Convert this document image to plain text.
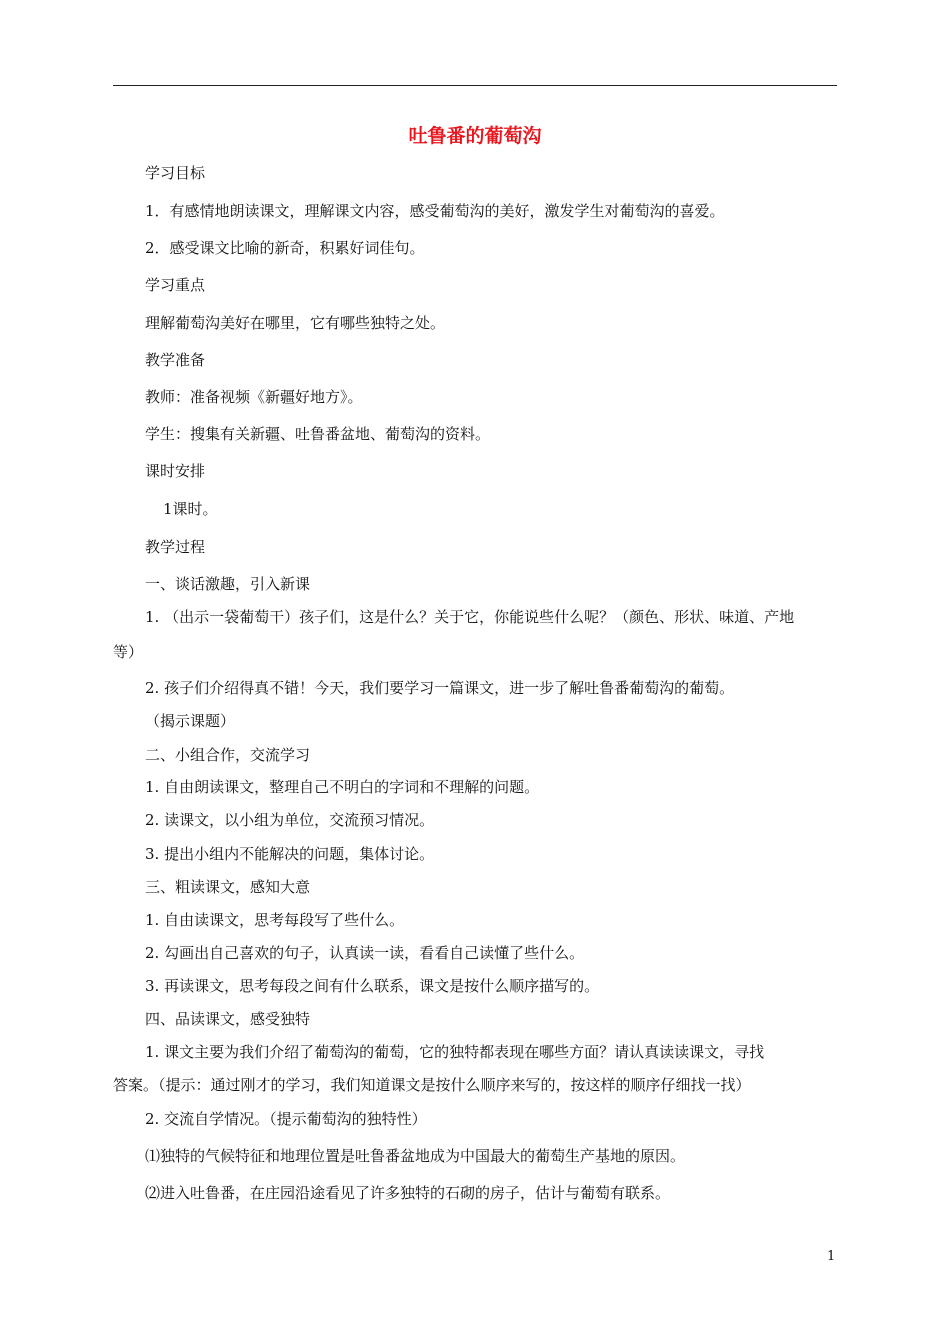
吐鲁番的葡萄沟
学习目标
1．有感情地朗读课文，理解课文内容，感受葡萄沟的美好，激发学生对葡萄沟的喜爱。
2．感受课文比喻的新奇，积累好词佳句。
学习重点
理解葡萄沟美好在哪里，它有哪些独特之处。
教学准备
教师：准备视频《新疆好地方》。
学生：搜集有关新疆、吐鲁番盆地、葡萄沟的资料。
课时安排
1课时。
教学过程
一、谈话激趣，引入新课
1. （出示一袋葡萄干）孩子们，这是什么？关于它，你能说些什么呢？（颜色、形状、味道、产地
等）
2. 孩子们介绍得真不错！今天，我们要学习一篇课文，进一步了解吐鲁番葡萄沟的葡萄。
（揭示课题）
二、小组合作，交流学习
1. 自由朗读课文，整理自己不明白的字词和不理解的问题。
2. 读课文，以小组为单位，交流预习情况。
3. 提出小组内不能解决的问题，集体讨论。
三、粗读课文，感知大意
1. 自由读课文，思考每段写了些什么。
2. 勾画出自己喜欢的句子，认真读一读，看看自己读懂了些什么。
3. 再读课文，思考每段之间有什么联系，课文是按什么顺序描写的。
四、品读课文，感受独特
1. 课文主要为我们介绍了葡萄沟的葡萄，它的独特都表现在哪些方面？请认真读读课文，寻找
答案。（提示：通过刚才的学习，我们知道课文是按什么顺序来写的，按这样的顺序仔细找一找）
2. 交流自学情况。（提示葡萄沟的独特性）
⑴独特的气候特征和地理位置是吐鲁番盆地成为中国最大的葡萄生产基地的原因。
⑵进入吐鲁番，在庄园沿途看见了许多独特的石砌的房子，估计与葡萄有联系。
1
